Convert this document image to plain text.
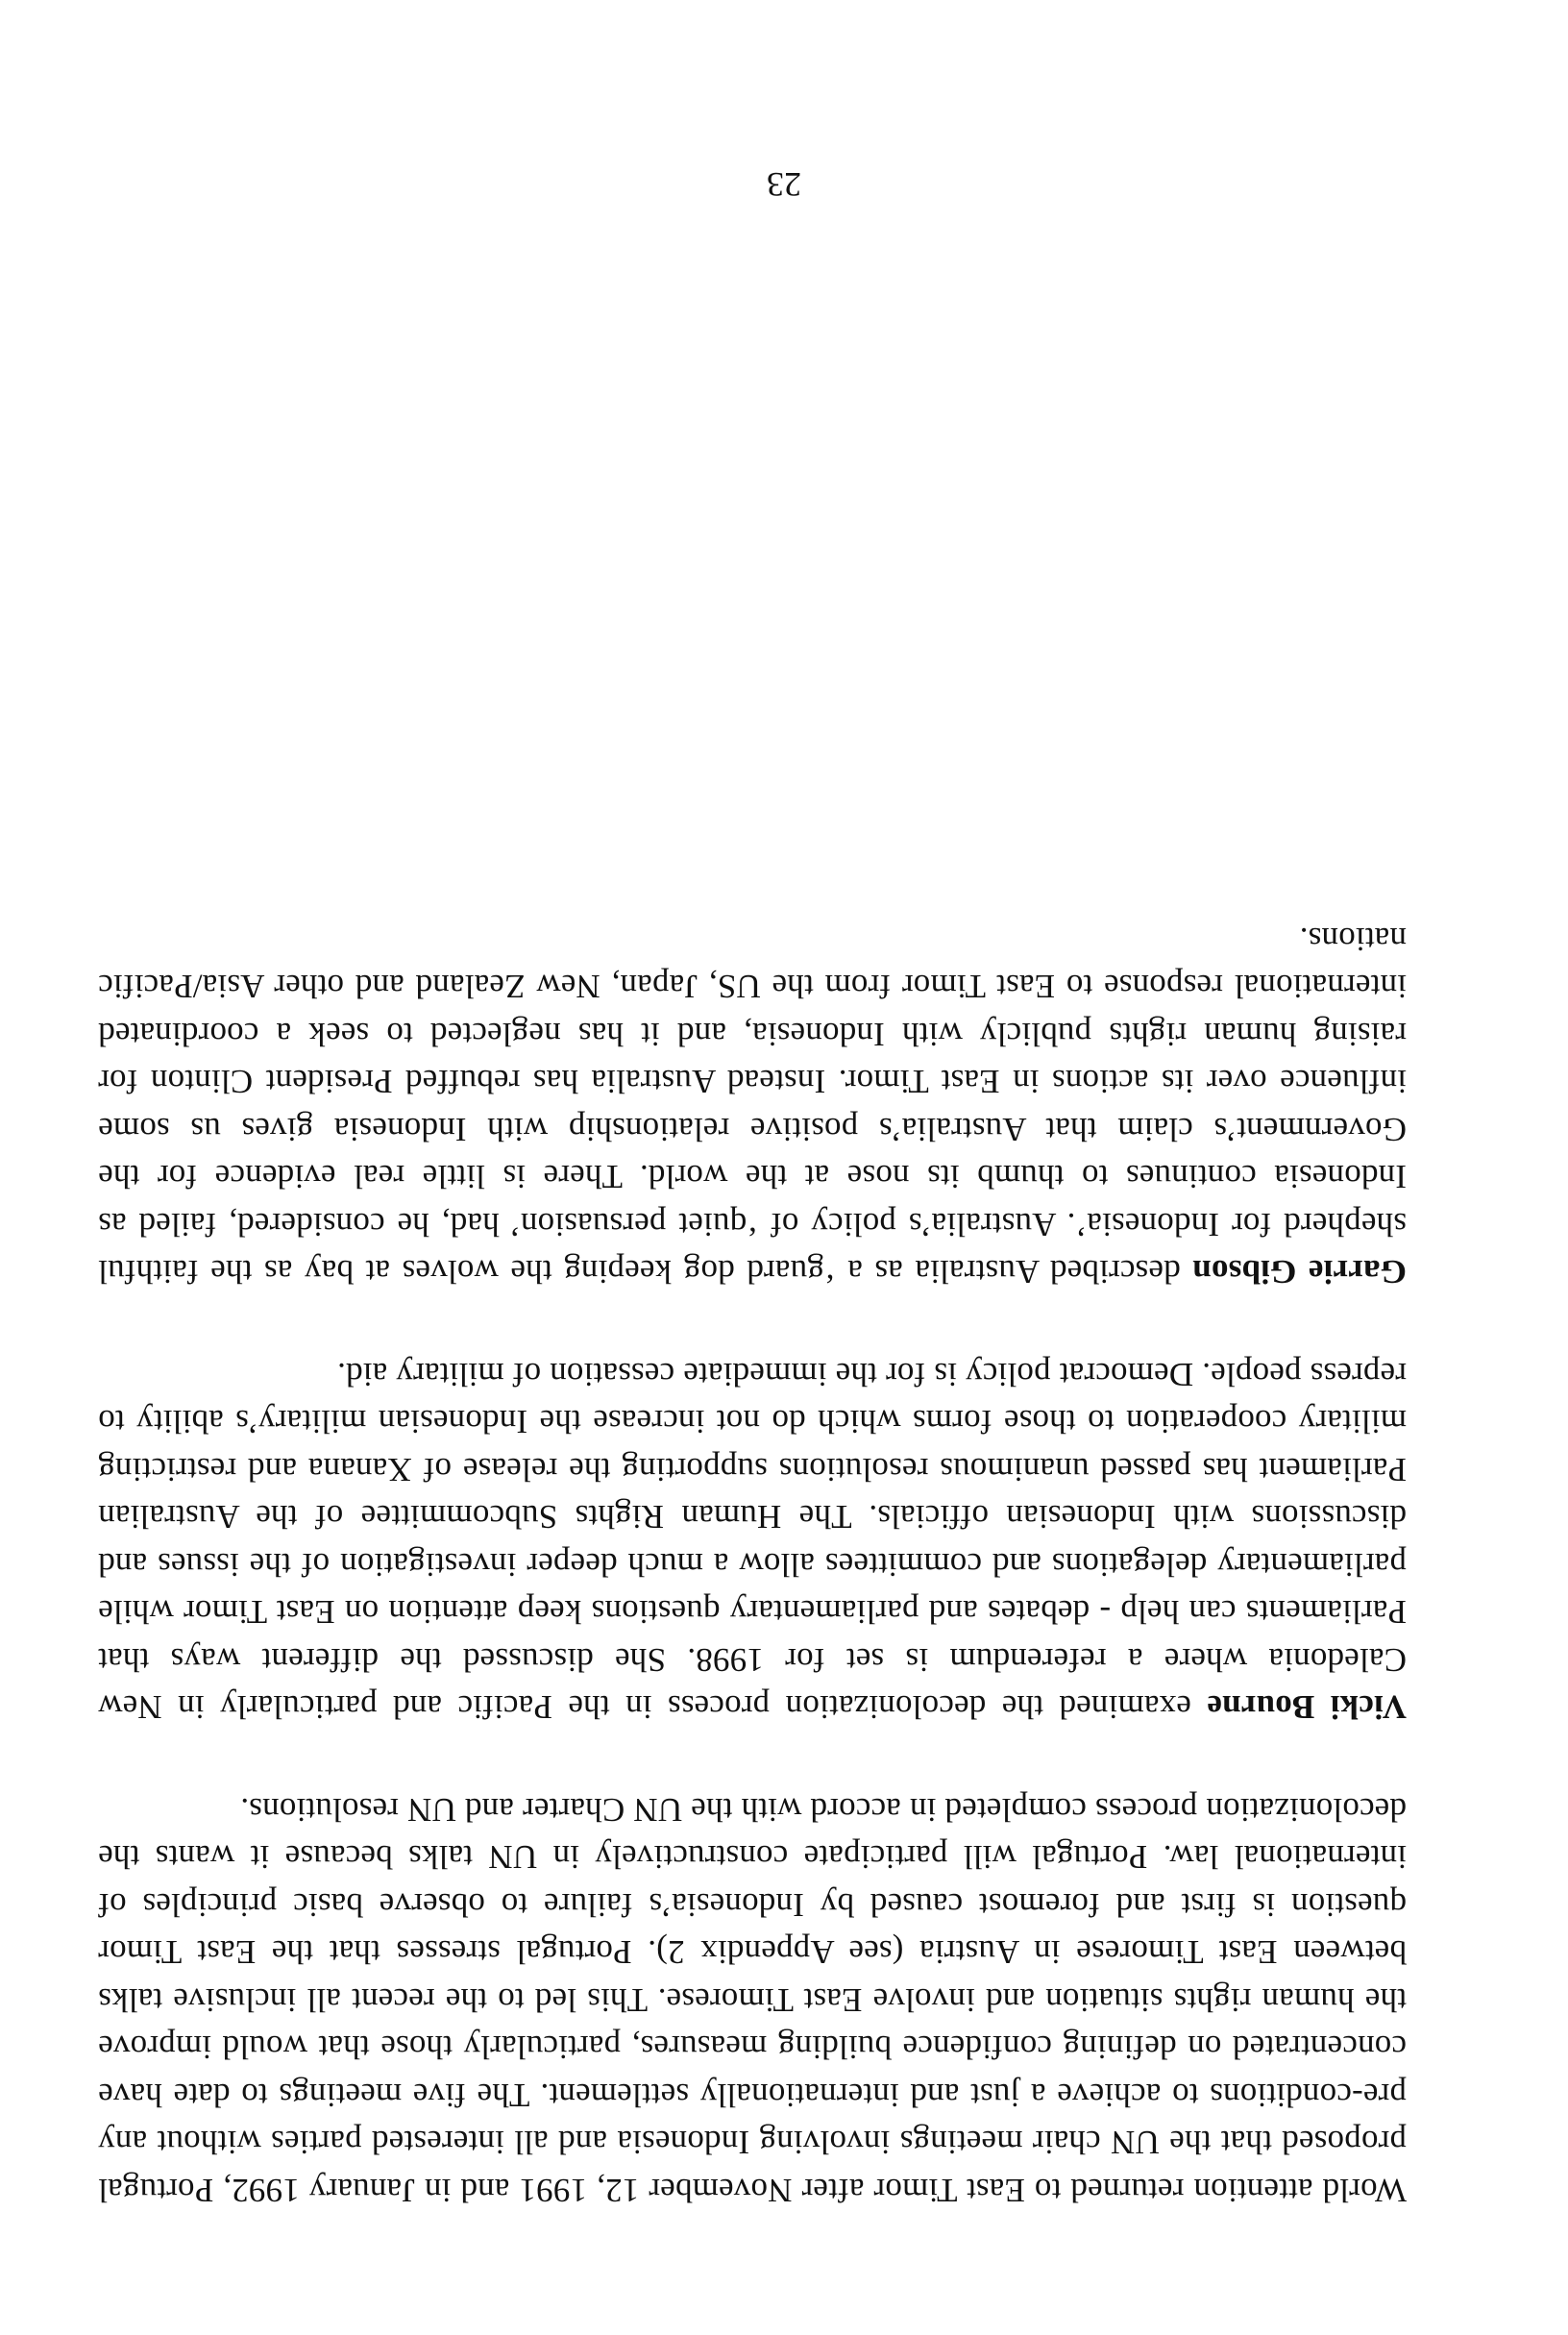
World attention returned to East Timor after November 12, 1991 and in January 1992, Portugal proposed that the UN chair meetings involving Indonesia and all interested parties without any pre-conditions to achieve a just and internationally settlement. The five meetings to date have concentrated on defining confidence building measures, particularly those that would improve the human rights situation and involve East Timorese. This led to the recent all inclusive talks between East Timorese in Austria (see Appendix 2). Portugal stresses that the East Timor question is first and foremost caused by Indonesia’s failure to observe basic principles of international law. Portugal will participate constructively in UN talks because it wants the decolonization process completed in accord with the UN Charter and UN resolutions.

Vicki Bourne examined the decolonization process in the Pacific and particularly in New Caledonia where a referendum is set for 1998. She discussed the different ways that Parliaments can help - debates and parliamentary questions keep attention on East Timor while parliamentary delegations and committees allow a much deeper investigation of the issues and discussions with Indonesian officials. The Human Rights Subcommittee of the Australian Parliament has passed unanimous resolutions supporting the release of Xanana and restricting military cooperation to those forms which do not increase the Indonesian military’s ability to repress people. Democrat policy is for the immediate cessation of military aid.

Garrie Gibson described Australia as a ‘guard dog keeping the wolves at bay as the faithful shepherd for Indonesia’. Australia’s policy of ‘quiet persuasion’ had, he considered, failed as Indonesia continues to thumb its nose at the world. There is little real evidence for the Government’s claim that Australia’s positive relationship with Indonesia gives us some influence over its actions in East Timor. Instead Australia has rebuffed President Clinton for raising human rights publicly with Indonesia, and it has neglected to seek a coordinated international response to East Timor from the US, Japan, New Zealand and other Asia/Pacific nations.

23
